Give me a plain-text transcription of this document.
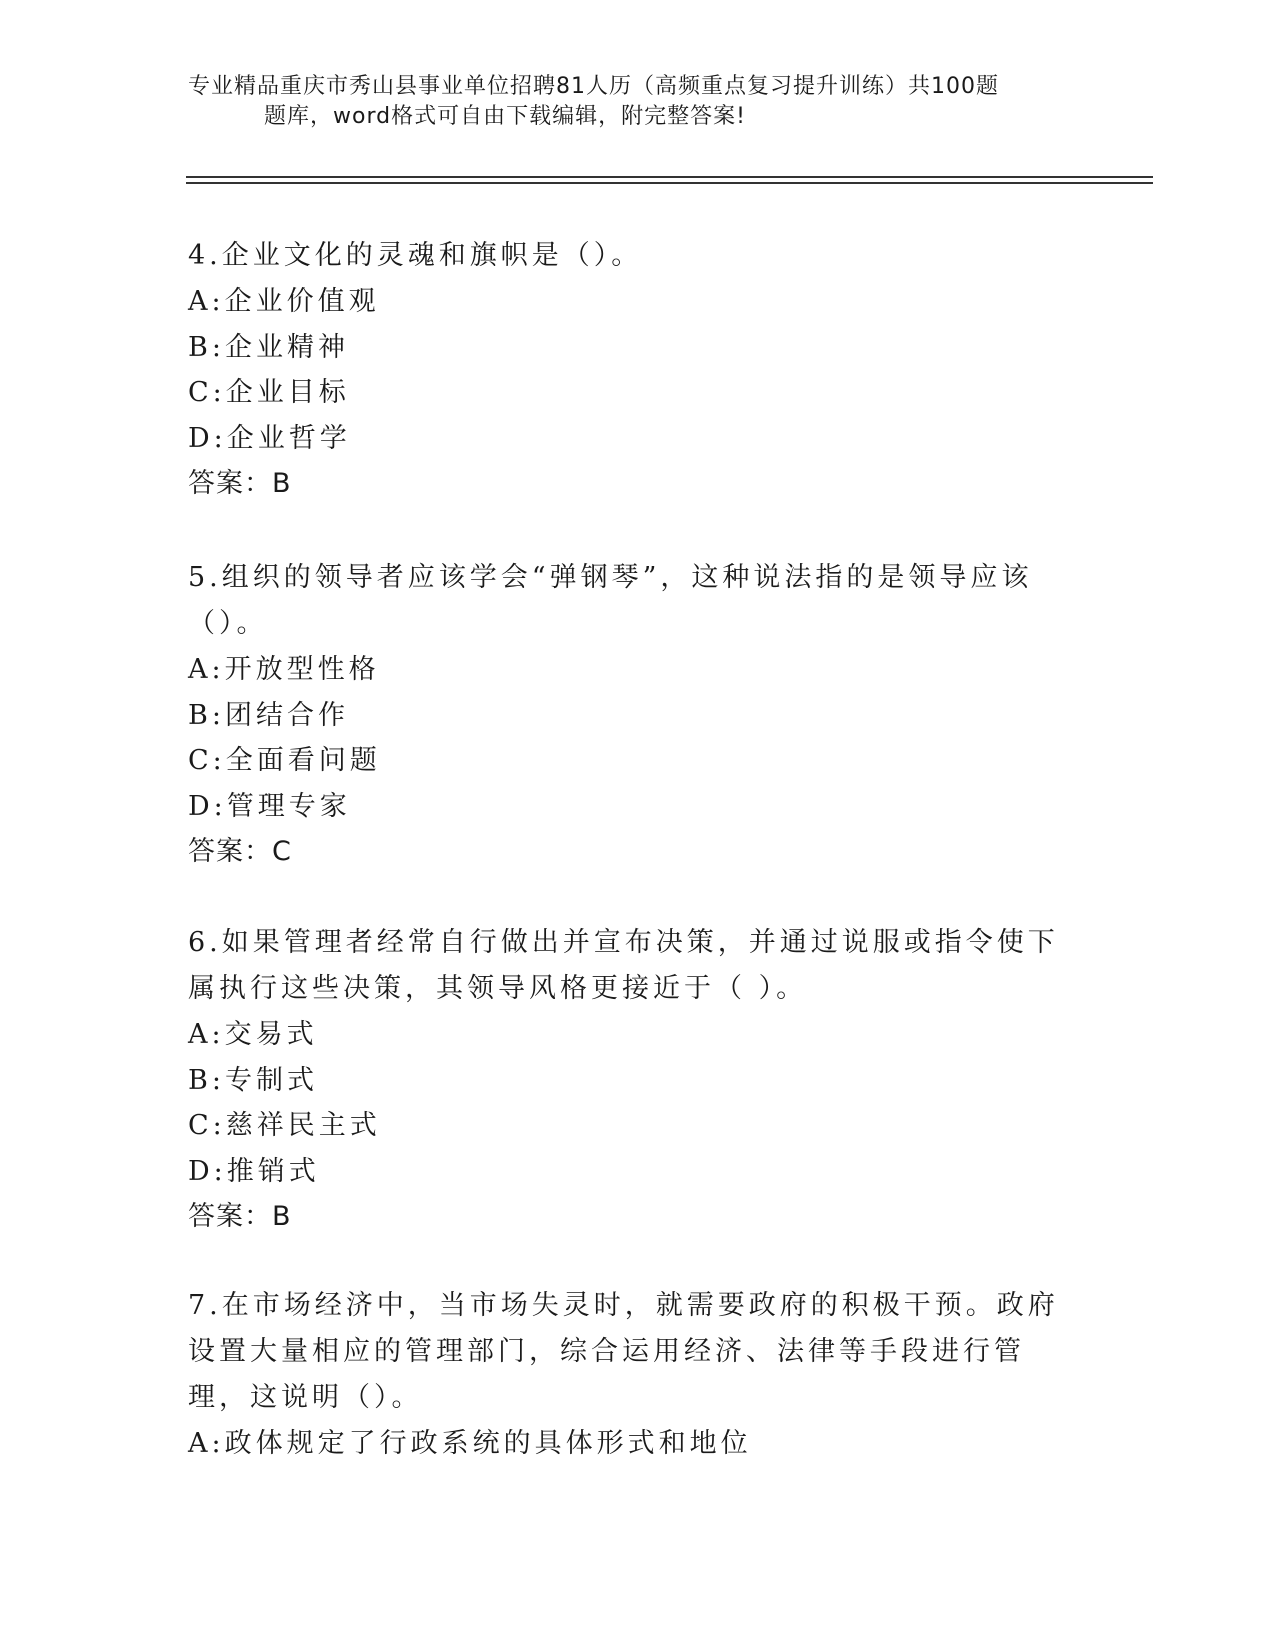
专业精品重庆市秀山县事业单位招聘81人历（高频重点复习提升训练）共100题
题库，word格式可自由下载编辑，附完整答案!
4.企业文化的灵魂和旗帜是（）。
A:企业价值观
B:企业精神
C:企业目标
D:企业哲学
答案：B
5.组织的领导者应该学会“弹钢琴”，这种说法指的是领导应该（）。
A:开放型性格
B:团结合作
C:全面看问题
D:管理专家
答案：C
6.如果管理者经常自行做出并宣布决策，并通过说服或指令使下属执行这些决策，其领导风格更接近于（ ）。
A:交易式
B:专制式
C:慈祥民主式
D:推销式
答案：B
7.在市场经济中，当市场失灵时，就需要政府的积极干预。政府设置大量相应的管理部门，综合运用经济、法律等手段进行管理，这说明（）。
A:政体规定了行政系统的具体形式和地位
